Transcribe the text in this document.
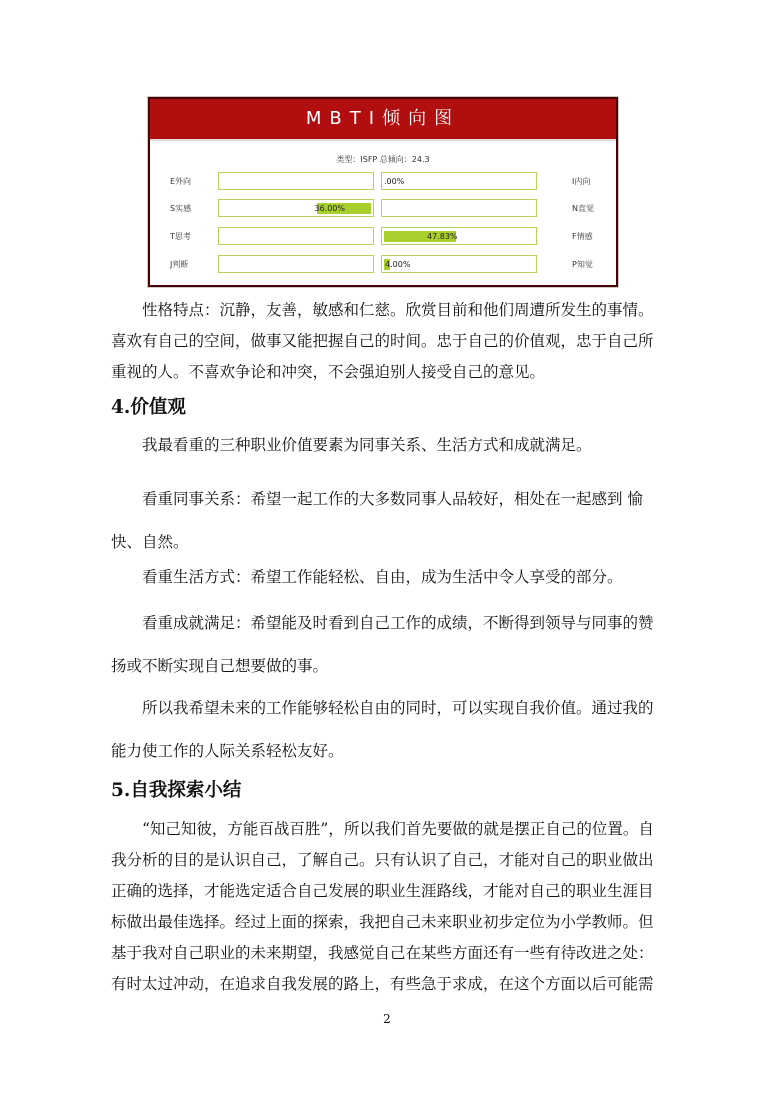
MBTI倾向图
类型：ISFP 总倾向：24.3
E外向	.00%	I内向
S实感	36.00%	N直觉
T思考	47.83%	F情感
J判断	4.00%	P知觉

性格特点：沉静，友善，敏感和仁慈。欣赏目前和他们周遭所发生的事情。喜欢有自己的空间，做事又能把握自己的时间。忠于自己的价值观，忠于自己所重视的人。不喜欢争论和冲突，不会强迫别人接受自己的意见。

4.价值观

我最看重的三种职业价值要素为同事关系、生活方式和成就满足。

看重同事关系：希望一起工作的大多数同事人品较好，相处在一起感到 愉快、自然。

看重生活方式：希望工作能轻松、自由，成为生活中令人享受的部分。

看重成就满足：希望能及时看到自己工作的成绩，不断得到领导与同事的赞扬或不断实现自己想要做的事。

所以我希望未来的工作能够轻松自由的同时，可以实现自我价值。通过我的能力使工作的人际关系轻松友好。

5.自我探索小结

“知己知彼，方能百战百胜”，所以我们首先要做的就是摆正自己的位置。自我分析的目的是认识自己，了解自己。只有认识了自己，才能对自己的职业做出正确的选择，才能选定适合自己发展的职业生涯路线，才能对自己的职业生涯目标做出最佳选择。经过上面的探索，我把自己未来职业初步定位为小学教师。但基于我对自己职业的未来期望，我感觉自己在某些方面还有一些有待改进之处：有时太过冲动，在追求自我发展的路上，有些急于求成，在这个方面以后可能需

2
